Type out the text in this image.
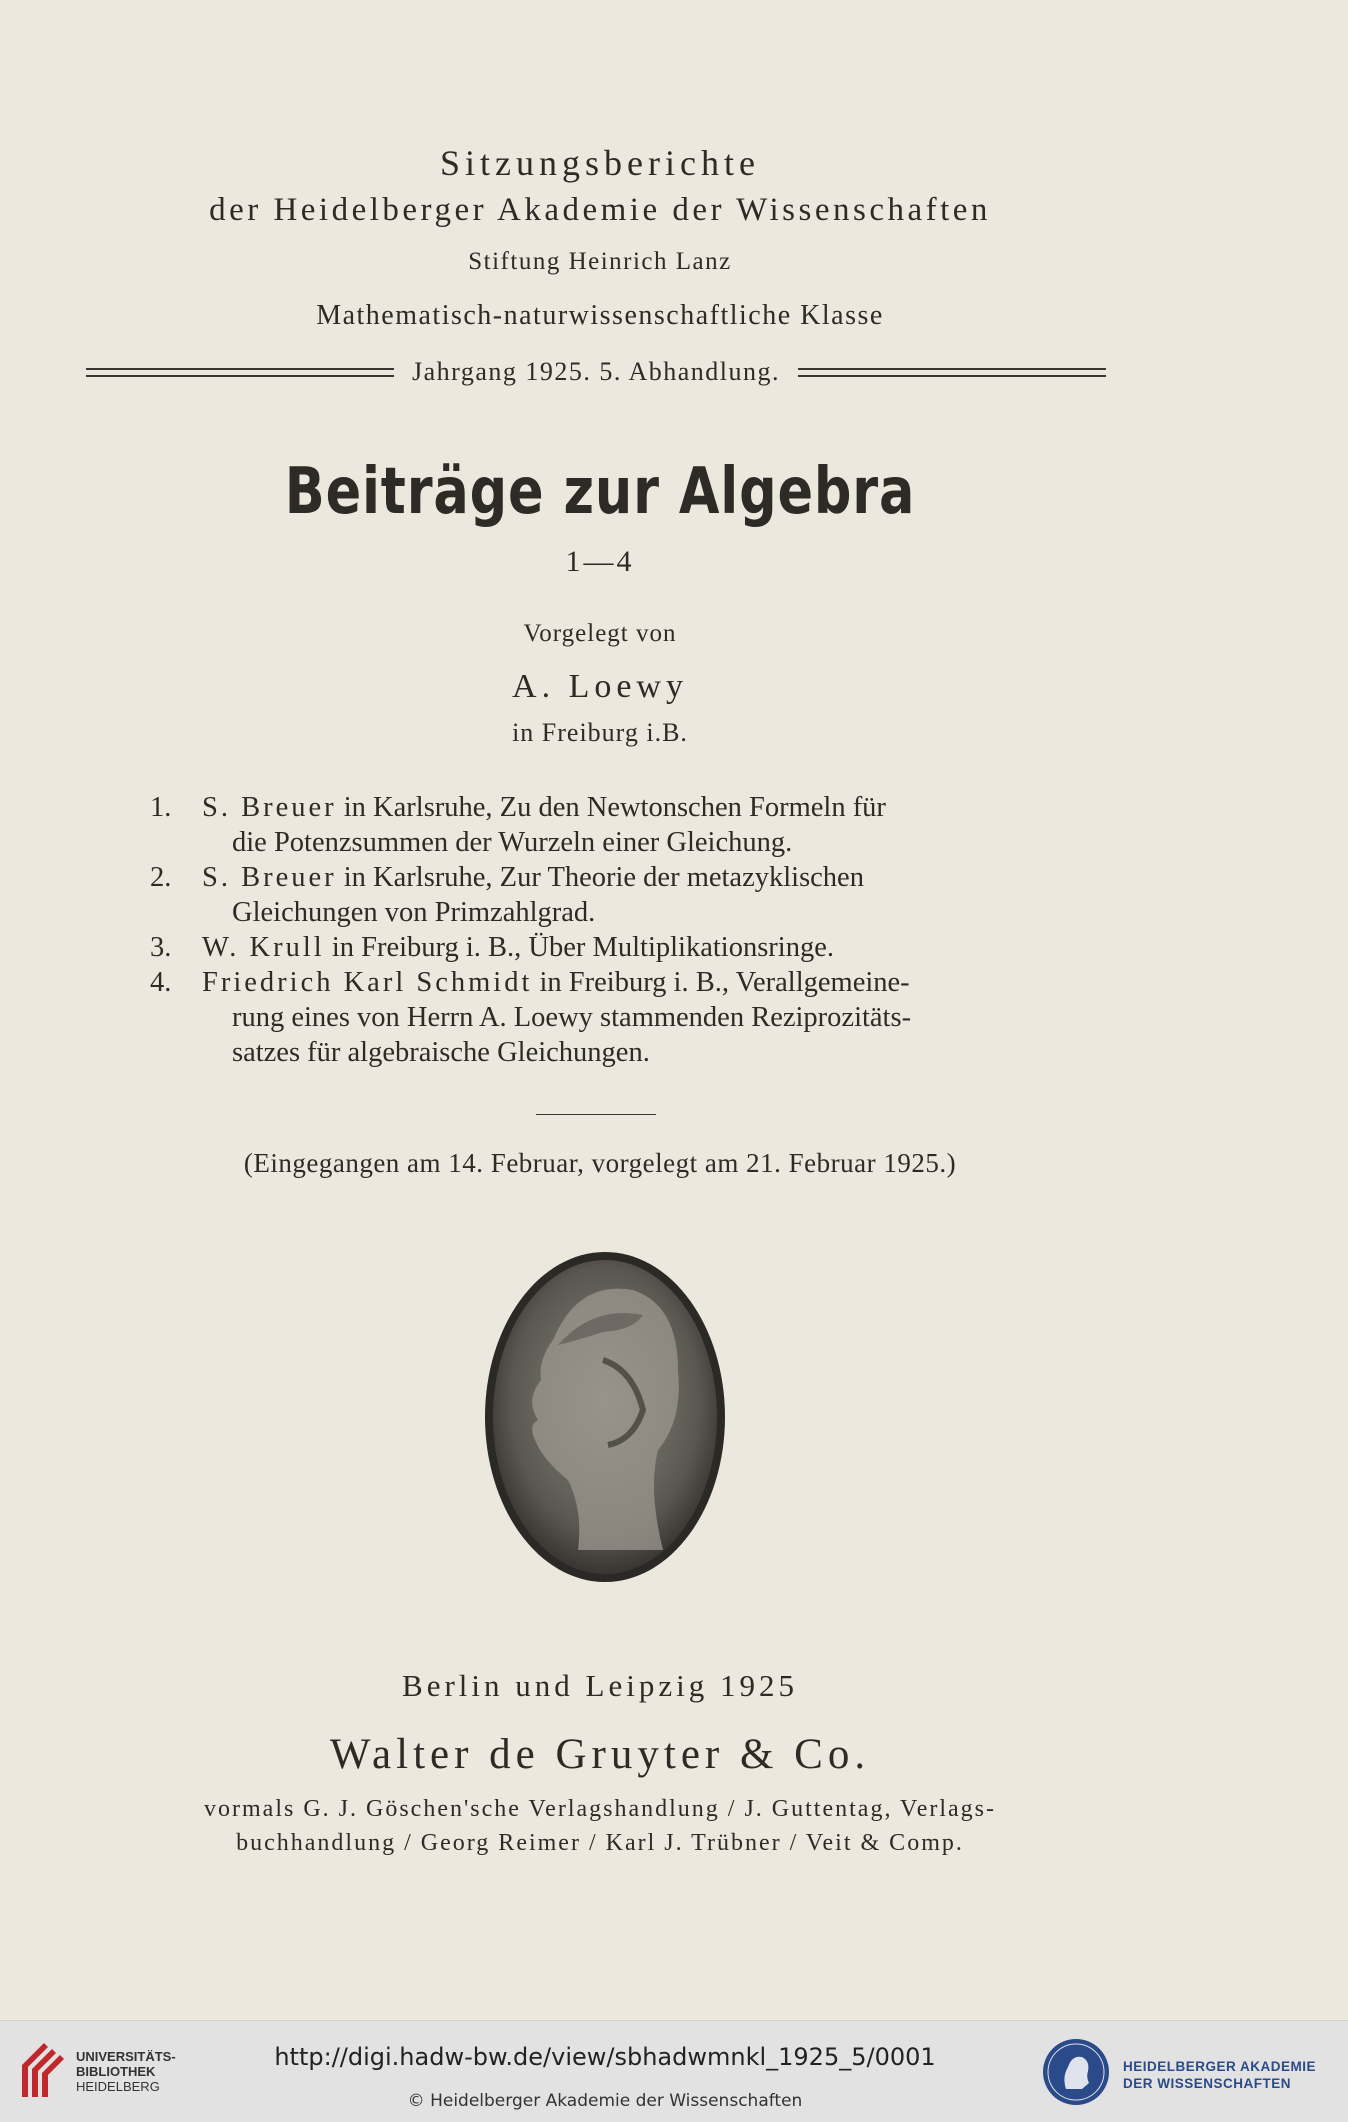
Sitzungsberichte
der Heidelberger Akademie der Wissenschaften
Stiftung Heinrich Lanz
Mathematisch-naturwissenschaftliche Klasse
Jahrgang 1925. 5. Abhandlung.
Beiträge zur Algebra
1—4
Vorgelegt von
A. Loewy
in Freiburg i.B.
1.	S. Breuer in Karlsruhe, Zu den Newtonschen Formeln für
die Potenzsummen der Wurzeln einer Gleichung.
2.	S. Breuer in Karlsruhe, Zur Theorie der metazyklischen
Gleichungen von Primzahlgrad.
3.	W. Krull in Freiburg i. B., Über Multiplikationsringe.
4.	Friedrich Karl Schmidt in Freiburg i. B., Verallgemeine-
rung eines von Herrn A. Loewy stammenden Reziprozitäts-
satzes für algebraische Gleichungen.
(Eingegangen am 14. Februar, vorgelegt am 21. Februar 1925.)
Berlin und Leipzig 1925
Walter de Gruyter & Co.
vormals G. J. Göschen'sche Verlagshandlung / J. Guttentag, Verlags-
buchhandlung / Georg Reimer / Karl J. Trübner / Veit & Comp.
UNIVERSITÄTS-
BIBLIOTHEK
HEIDELBERG
http://digi.hadw-bw.de/view/sbhadwmnkl_1925_5/0001
© Heidelberger Akademie der Wissenschaften
HEIDELBERGER AKADEMIE
DER WISSENSCHAFTEN
